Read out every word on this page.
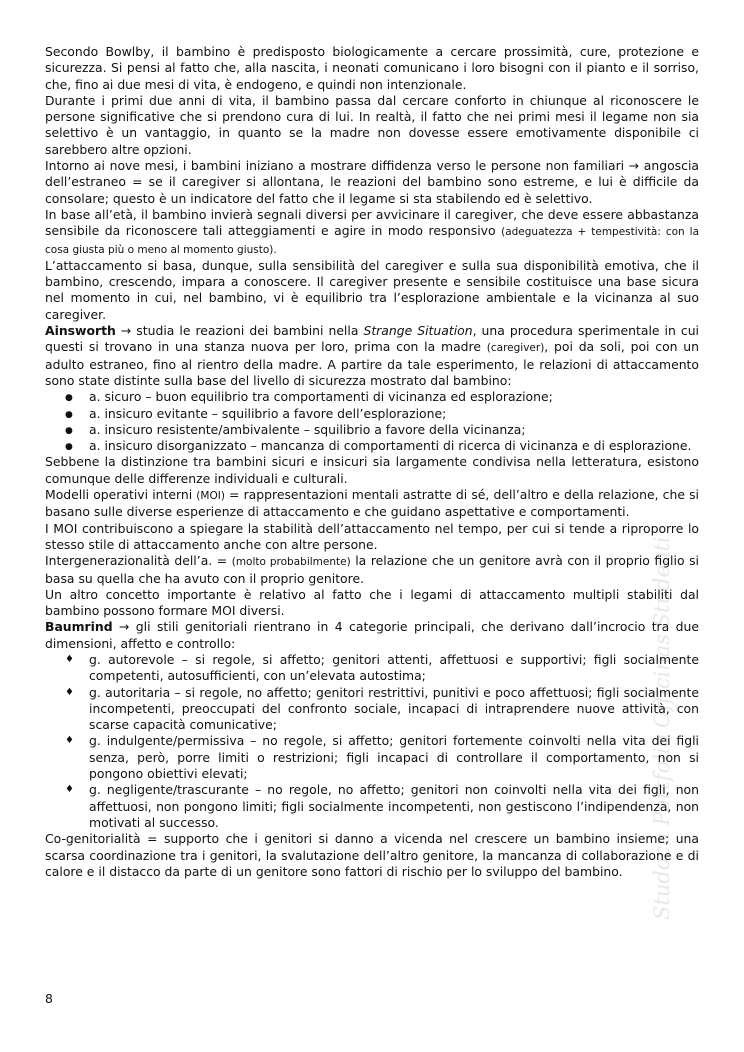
Secondo Bowlby, il bambino è predisposto biologicamente a cercare prossimità, cure, protezione e sicurezza. Si pensi al fatto che, alla nascita, i neonati comunicano i loro bisogni con il pianto e il sorriso, che, fino ai due mesi di vita, è endogeno, e quindi non intenzionale.

Durante i primi due anni di vita, il bambino passa dal cercare conforto in chiunque al riconoscere le persone significative che si prendono cura di lui. In realtà, il fatto che nei primi mesi il legame non sia selettivo è un vantaggio, in quanto se la madre non dovesse essere emotivamente disponibile ci sarebbero altre opzioni.

Intorno ai nove mesi, i bambini iniziano a mostrare diffidenza verso le persone non familiari → angoscia dell’estraneo = se il caregiver si allontana, le reazioni del bambino sono estreme, e lui è difficile da consolare; questo è un indicatore del fatto che il legame si sta stabilendo ed è selettivo.

In base all’età, il bambino invierà segnali diversi per avvicinare il caregiver, che deve essere abbastanza sensibile da riconoscere tali atteggiamenti e agire in modo responsivo (adeguatezza + tempestività: con la cosa giusta più o meno al momento giusto).

L’attaccamento si basa, dunque, sulla sensibilità del caregiver e sulla sua disponibilità emotiva, che il bambino, crescendo, impara a conoscere. Il caregiver presente e sensibile costituisce una base sicura nel momento in cui, nel bambino, vi è equilibrio tra l’esplorazione ambientale e la vicinanza al suo caregiver.

Ainsworth → studia le reazioni dei bambini nella Strange Situation, una procedura sperimentale in cui questi si trovano in una stanza nuova per loro, prima con la madre (caregiver), poi da soli, poi con un adulto estraneo, fino al rientro della madre. A partire da tale esperimento, le relazioni di attaccamento sono state distinte sulla base del livello di sicurezza mostrato dal bambino:

● a. sicuro – buon equilibrio tra comportamenti di vicinanza ed esplorazione;
● a. insicuro evitante – squilibrio a favore dell’esplorazione;
● a. insicuro resistente/ambivalente – squilibrio a favore della vicinanza;
● a. insicuro disorganizzato – mancanza di comportamenti di ricerca di vicinanza e di esplorazione.

Sebbene la distinzione tra bambini sicuri e insicuri sia largamente condivisa nella letteratura, esistono comunque delle differenze individuali e culturali.

Modelli operativi interni (MOI) = rappresentazioni mentali astratte di sé, dell’altro e della relazione, che si basano sulle diverse esperienze di attaccamento e che guidano aspettative e comportamenti.

I MOI contribuiscono a spiegare la stabilità dell’attaccamento nel tempo, per cui si tende a riproporre lo stesso stile di attaccamento anche con altre persone.

Intergenerazionalità dell’a. = (molto probabilmente) la relazione che un genitore avrà con il proprio figlio si basa su quella che ha avuto con il proprio genitore.

Un altro concetto importante è relativo al fatto che i legami di attaccamento multipli stabiliti dal bambino possono formare MOI diversi.

Baumrind → gli stili genitoriali rientrano in 4 categorie principali, che derivano dall’incrocio tra due dimensioni, affetto e controllo:

♦ g. autorevole – si regole, si affetto; genitori attenti, affettuosi e supportivi; figli socialmente competenti, autosufficienti, con un’elevata autostima;
♦ g. autoritaria – si regole, no affetto; genitori restrittivi, punitivi e poco affettuosi; figli socialmente incompetenti, preoccupati del confronto sociale, incapaci di intraprendere nuove attività, con scarse capacità comunicative;
♦ g. indulgente/permissiva – no regole, si affetto; genitori fortemente coinvolti nella vita dei figli senza, però, porre limiti o restrizioni; figli incapaci di controllare il comportamento, non si pongono obiettivi elevati;
♦ g. negligente/trascurante – no regole, no affetto; genitori non coinvolti nella vita dei figli, non affettuosi, non pongono limiti; figli socialmente incompetenti, non gestiscono l’indipendenza, non motivati al successo.

Co-genitorialità = supporto che i genitori si danno a vicenda nel crescere un bambino insieme; una scarsa coordinazione tra i genitori, la svalutazione dell’altro genitore, la mancanza di collaborazione e di calore e il distacco da parte di un genitore sono fattori di rischio per lo sviluppo del bambino.

8
Studocu Portfolio Officinas Studenti
